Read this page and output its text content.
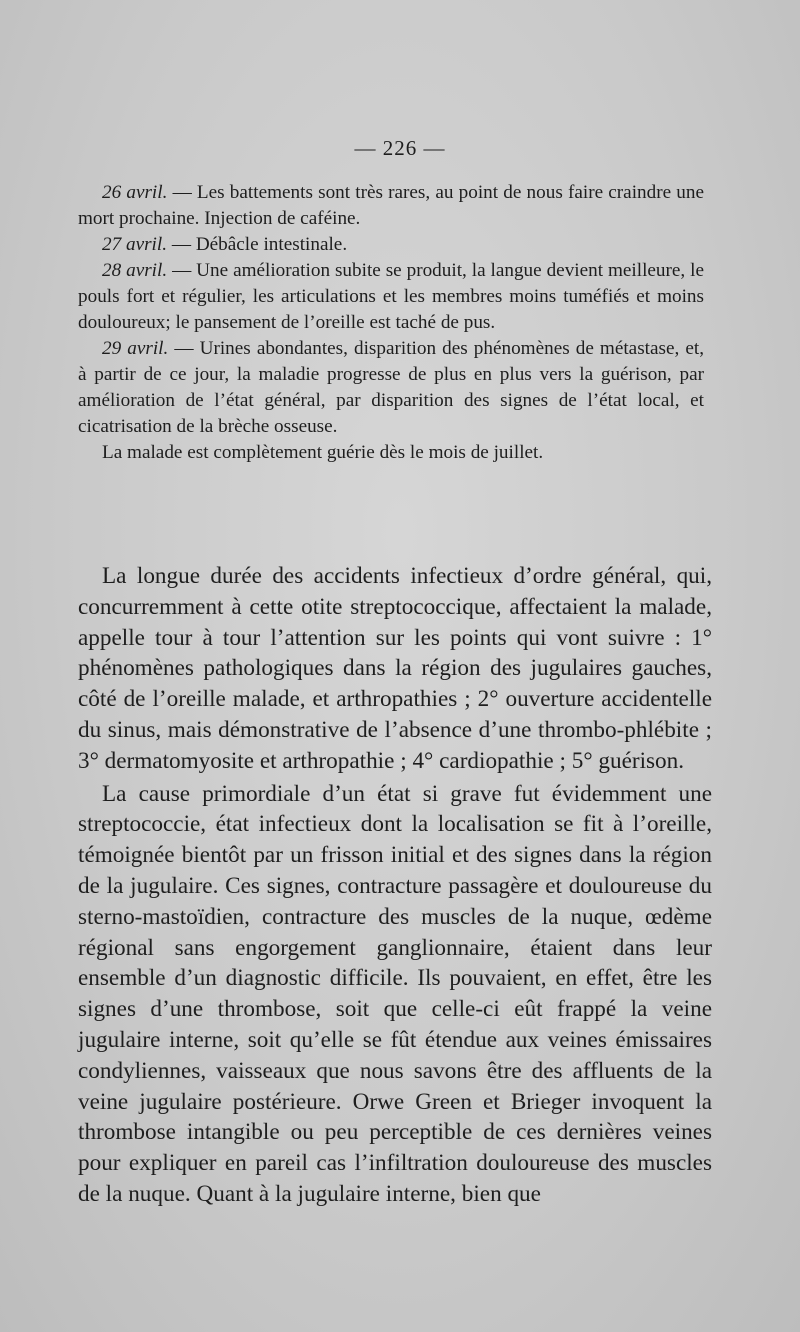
— 226 —

26 avril. — Les battements sont très rares, au point de nous faire craindre une mort prochaine. Injection de caféine.

27 avril. — Débâcle intestinale.

28 avril. — Une amélioration subite se produit, la langue devient meilleure, le pouls fort et régulier, les articulations et les membres moins tuméfiés et moins douloureux; le pansement de l’oreille est taché de pus.

29 avril. — Urines abondantes, disparition des phénomènes de métastase, et, à partir de ce jour, la maladie progresse de plus en plus vers la guérison, par amélioration de l’état général, par disparition des signes de l’état local, et cicatrisation de la brèche osseuse.

La malade est complètement guérie dès le mois de juillet.

La longue durée des accidents infectieux d’ordre général, qui, concurremment à cette otite streptococcique, affectaient la malade, appelle tour à tour l’attention sur les points qui vont suivre : 1° phénomènes pathologiques dans la région des jugulaires gauches, côté de l’oreille malade, et arthropathies ; 2° ouverture accidentelle du sinus, mais démonstrative de l’absence d’une thrombo-phlébite ; 3° dermatomyosite et arthropathie ; 4° cardiopathie ; 5° guérison.

La cause primordiale d’un état si grave fut évidemment une streptococcie, état infectieux dont la localisation se fit à l’oreille, témoignée bientôt par un frisson initial et des signes dans la région de la jugulaire. Ces signes, contracture passagère et douloureuse du sterno-mastoïdien, contracture des muscles de la nuque, œdème régional sans engorgement ganglionnaire, étaient dans leur ensemble d’un diagnostic difficile. Ils pouvaient, en effet, être les signes d’une thrombose, soit que celle-ci eût frappé la veine jugulaire interne, soit qu’elle se fût étendue aux veines émissaires condyliennes, vaisseaux que nous savons être des affluents de la veine jugulaire postérieure. Orwe Green et Brieger invoquent la thrombose intangible ou peu perceptible de ces dernières veines pour expliquer en pareil cas l’infiltration douloureuse des muscles de la nuque. Quant à la jugulaire interne, bien que
